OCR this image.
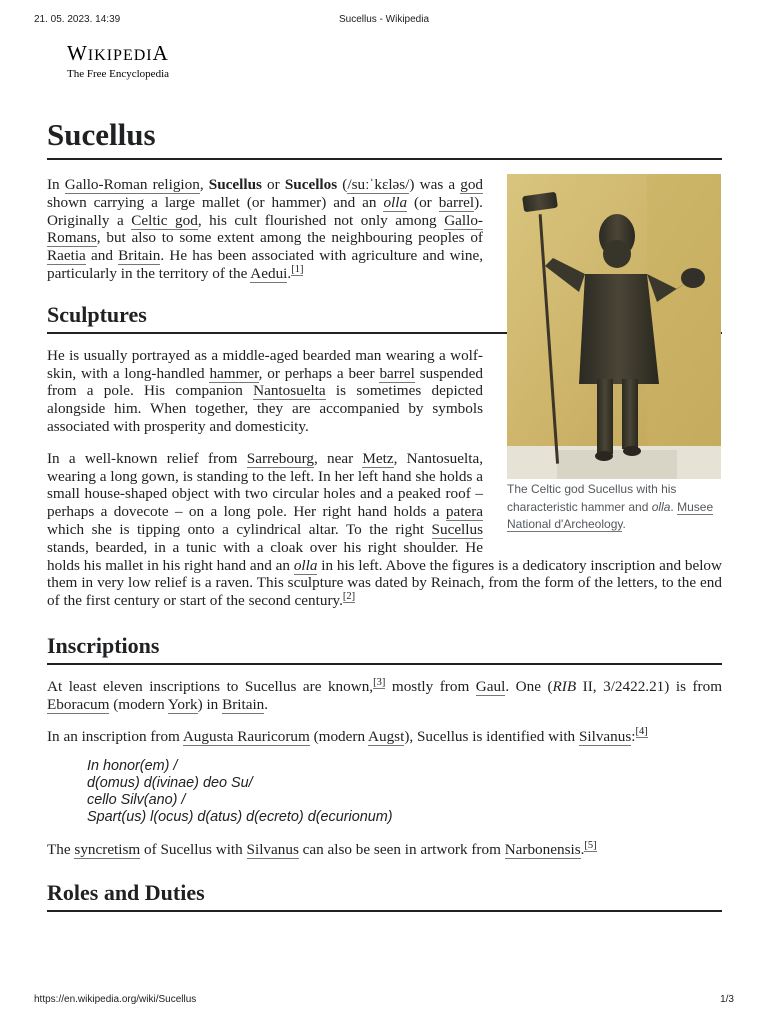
21. 05. 2023. 14:39	Sucellus - Wikipedia
WIKIPEDIA
The Free Encyclopedia
Sucellus
The Celtic god Sucellus with his characteristic hammer and olla. Musee National d'Archeology.

In Gallo-Roman religion, Sucellus or Sucellos (/suːˈkɛləs/) was a god shown carrying a large mallet (or hammer) and an olla (or barrel). Originally a Celtic god, his cult flourished not only among Gallo-Romans, but also to some extent among the neighbouring peoples of Raetia and Britain. He has been associated with agriculture and wine, particularly in the territory of the Aedui.[1]

Sculptures

He is usually portrayed as a middle-aged bearded man wearing a wolf-skin, with a long-handled hammer, or perhaps a beer barrel suspended from a pole. His companion Nantosuelta is sometimes depicted alongside him. When together, they are accompanied by symbols associated with prosperity and domesticity.

In a well-known relief from Sarrebourg, near Metz, Nantosuelta, wearing a long gown, is standing to the left. In her left hand she holds a small house-shaped object with two circular holes and a peaked roof – perhaps a dovecote – on a long pole. Her right hand holds a patera which she is tipping onto a cylindrical altar. To the right Sucellus stands, bearded, in a tunic with a cloak over his right shoulder. He holds his mallet in his right hand and an olla in his left. Above the figures is a dedicatory inscription and below them in very low relief is a raven. This sculpture was dated by Reinach, from the form of the letters, to the end of the first century or start of the second century.[2]

Inscriptions

At least eleven inscriptions to Sucellus are known,[3] mostly from Gaul. One (RIB II, 3/2422.21) is from Eboracum (modern York) in Britain.

In an inscription from Augusta Rauricorum (modern Augst), Sucellus is identified with Silvanus:[4]

In honor(em) /
d(omus) d(ivinae) deo Su/
cello Silv(ano) /
Spart(us) l(ocus) d(atus) d(ecreto) d(ecurionum)

The syncretism of Sucellus with Silvanus can also be seen in artwork from Narbonensis.[5]

Roles and Duties
https://en.wikipedia.org/wiki/Sucellus	1/3
